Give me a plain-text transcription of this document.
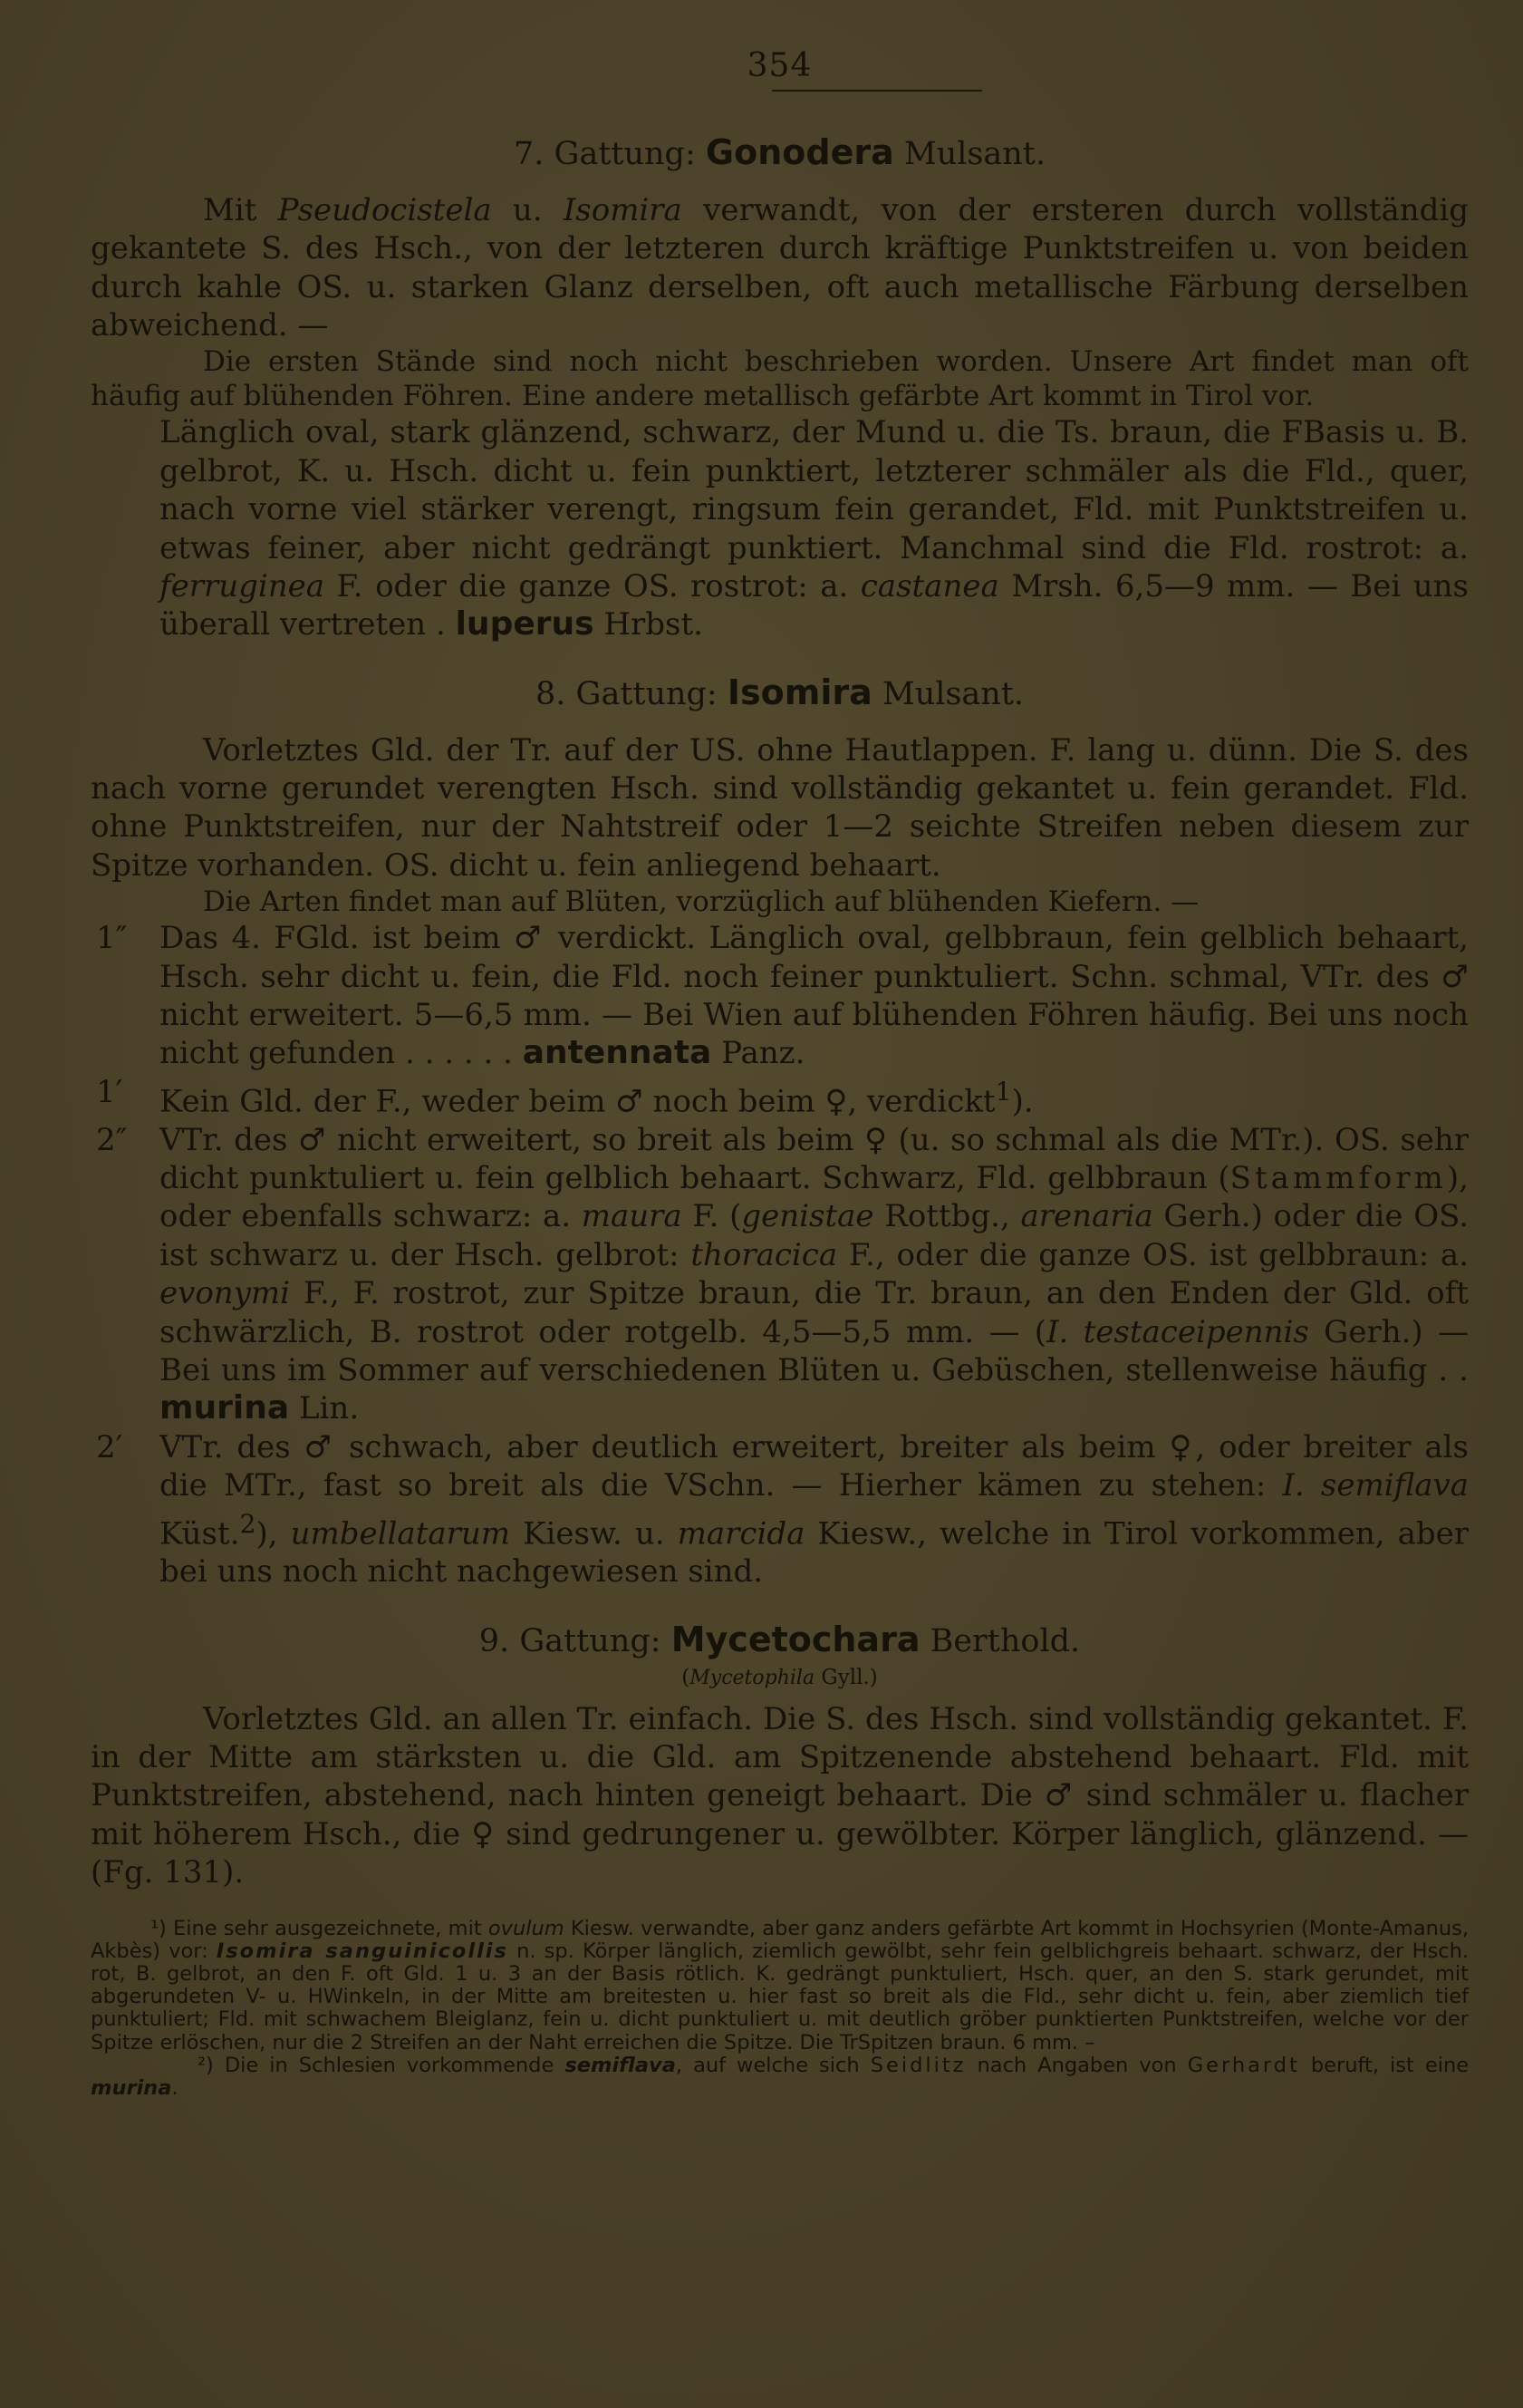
354
7. Gattung: Gonodera Mulsant.

Mit Pseudocistela u. Isomira verwandt, von der ersteren durch vollständig gekantete S. des Hsch., von der letzteren durch kräftige Punktstreifen u. von beiden durch kahle OS. u. starken Glanz derselben, oft auch metallische Färbung derselben abweichend. —

Die ersten Stände sind noch nicht beschrieben worden. Unsere Art findet man oft häufig auf blühenden Föhren. Eine andere metallisch gefärbte Art kommt in Tirol vor.

Länglich oval, stark glänzend, schwarz, der Mund u. die Ts. braun, die FBasis u. B. gelbrot, K. u. Hsch. dicht u. fein punktiert, letzterer schmäler als die Fld., quer, nach vorne viel stärker verengt, ringsum fein gerandet, Fld. mit Punktstreifen u. etwas feiner, aber nicht gedrängt punktiert. Manchmal sind die Fld. rostrot: a. ferruginea F. oder die ganze OS. rostrot: a. castanea Mrsh. 6,5—9 mm. — Bei uns überall vertreten . luperus Hrbst.

8. Gattung: Isomira Mulsant.

Vorletztes Gld. der Tr. auf der US. ohne Hautlappen. F. lang u. dünn. Die S. des nach vorne gerundet verengten Hsch. sind vollständig gekantet u. fein gerandet. Fld. ohne Punktstreifen, nur der Nahtstreif oder 1—2 seichte Streifen neben diesem zur Spitze vorhanden. OS. dicht u. fein anliegend behaart.

Die Arten findet man auf Blüten, vorzüglich auf blühenden Kiefern. —

1″ Das 4. FGld. ist beim ♂ verdickt. Länglich oval, gelbbraun, fein gelblich behaart, Hsch. sehr dicht u. fein, die Fld. noch feiner punktuliert. Schn. schmal, VTr. des ♂ nicht erweitert. 5—6,5 mm. — Bei Wien auf blühenden Föhren häufig. Bei uns noch nicht gefunden . . . . . . antennata Panz.

1′ Kein Gld. der F., weder beim ♂ noch beim ♀, verdickt$^1$).

2″ VTr. des ♂ nicht erweitert, so breit als beim ♀ (u. so schmal als die MTr.). OS. sehr dicht punktuliert u. fein gelblich behaart. Schwarz, Fld. gelbbraun (Stammform), oder ebenfalls schwarz: a. maura F. (genistae Rottbg., arenaria Gerh.) oder die OS. ist schwarz u. der Hsch. gelbrot: thoracica F., oder die ganze OS. ist gelbbraun: a. evonymi F., F. rostrot, zur Spitze braun, die Tr. braun, an den Enden der Gld. oft schwärzlich, B. rostrot oder rotgelb. 4,5—5,5 mm. — (I. testaceipennis Gerh.) — Bei uns im Sommer auf verschiedenen Blüten u. Gebüschen, stellenweise häufig . . murina Lin.

2′ VTr. des ♂ schwach, aber deutlich erweitert, breiter als beim ♀, oder breiter als die MTr., fast so breit als die VSchn. — Hierher kämen zu stehen: I. semiflava Küst.$^2$), umbellatarum Kiesw. u. marcida Kiesw., welche in Tirol vorkommen, aber bei uns noch nicht nachgewiesen sind.

9. Gattung: Mycetochara Berthold.
(Mycetophila Gyll.)

Vorletztes Gld. an allen Tr. einfach. Die S. des Hsch. sind vollständig gekantet. F. in der Mitte am stärksten u. die Gld. am Spitzenende abstehend behaart. Fld. mit Punktstreifen, abstehend, nach hinten geneigt behaart. Die ♂ sind schmäler u. flacher mit höherem Hsch., die ♀ sind gedrungener u. gewölbter. Körper länglich, glänzend. — (Fg. 131).

¹) Eine sehr ausgezeichnete, mit ovulum Kiesw. verwandte, aber ganz anders gefärbte Art kommt in Hochsyrien (Monte-Amanus, Akbès) vor: Isomira sanguinicollis n. sp. Körper länglich, ziemlich gewölbt, sehr fein gelblichgreis behaart. schwarz, der Hsch. rot, B. gelbrot, an den F. oft Gld. 1 u. 3 an der Basis rötlich. K. gedrängt punktuliert, Hsch. quer, an den S. stark gerundet, mit abgerundeten V- u. HWinkeln, in der Mitte am breitesten u. hier fast so breit als die Fld., sehr dicht u. fein, aber ziemlich tief punktuliert; Fld. mit schwachem Bleiglanz, fein u. dicht punktuliert u. mit deutlich gröber punktierten Punktstreifen, welche vor der Spitze erlöschen, nur die 2 Streifen an der Naht erreichen die Spitze. Die TrSpitzen braun. 6 mm. –

²) Die in Schlesien vorkommende semiflava, auf welche sich Seidlitz nach Angaben von Gerhardt beruft, ist eine murina.
